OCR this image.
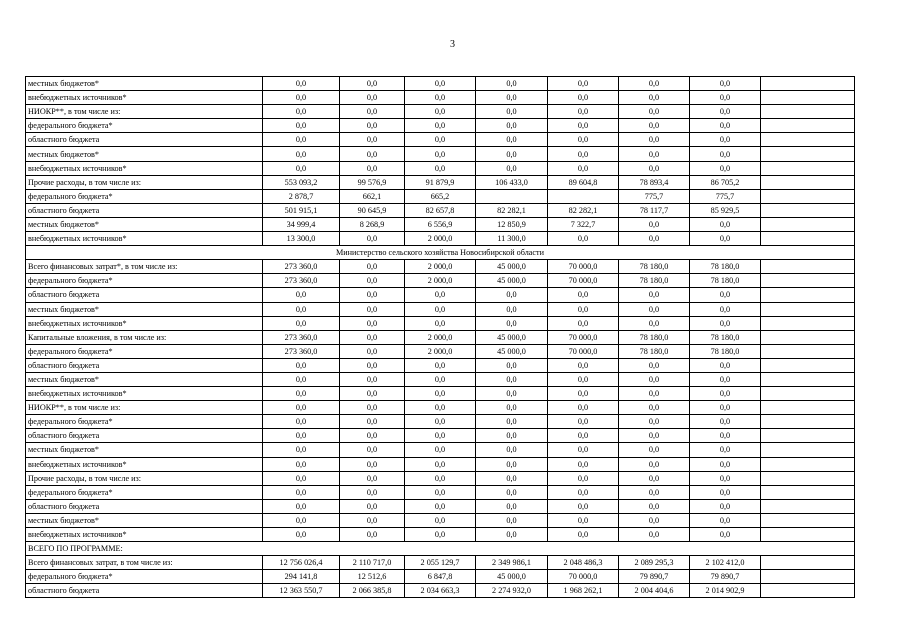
3
местных бюджетов*	0,0	0,0	0,0	0,0	0,0	0,0	0,0	
внебюджетных источников*	0,0	0,0	0,0	0,0	0,0	0,0	0,0	
НИОКР**, в том числе из:	0,0	0,0	0,0	0,0	0,0	0,0	0,0	
федерального бюджета*	0,0	0,0	0,0	0,0	0,0	0,0	0,0	
областного бюджета	0,0	0,0	0,0	0,0	0,0	0,0	0,0	
местных бюджетов*	0,0	0,0	0,0	0,0	0,0	0,0	0,0	
внебюджетных источников*	0,0	0,0	0,0	0,0	0,0	0,0	0,0	
Прочие расходы, в том числе из:	553 093,2	99 576,9	91 879,9	106 433,0	89 604,8	78 893,4	86 705,2	
федерального бюджета*	2 878,7	662,1	665,2			775,7	775,7	
областного бюджета	501 915,1	90 645,9	82 657,8	82 282,1	82 282,1	78 117,7	85 929,5	
местных бюджетов*	34 999,4	8 268,9	6 556,9	12 850,9	7 322,7	0,0	0,0	
внебюджетных источников*	13 300,0	0,0	2 000,0	11 300,0	0,0	0,0	0,0	
Министерство сельского хозяйства Новосибирской области								
Всего финансовых затрат*, в том числе из:	273 360,0	0,0	2 000,0	45 000,0	70 000,0	78 180,0	78 180,0	
федерального бюджета*	273 360,0	0,0	2 000,0	45 000,0	70 000,0	78 180,0	78 180,0	
областного бюджета	0,0	0,0	0,0	0,0	0,0	0,0	0,0	
местных бюджетов*	0,0	0,0	0,0	0,0	0,0	0,0	0,0	
внебюджетных источников*	0,0	0,0	0,0	0,0	0,0	0,0	0,0	
Капитальные вложения, в том числе из:	273 360,0	0,0	2 000,0	45 000,0	70 000,0	78 180,0	78 180,0	
федерального бюджета*	273 360,0	0,0	2 000,0	45 000,0	70 000,0	78 180,0	78 180,0	
областного бюджета	0,0	0,0	0,0	0,0	0,0	0,0	0,0	
местных бюджетов*	0,0	0,0	0,0	0,0	0,0	0,0	0,0	
внебюджетных источников*	0,0	0,0	0,0	0,0	0,0	0,0	0,0	
НИОКР**, в том числе из:	0,0	0,0	0,0	0,0	0,0	0,0	0,0	
федерального бюджета*	0,0	0,0	0,0	0,0	0,0	0,0	0,0	
областного бюджета	0,0	0,0	0,0	0,0	0,0	0,0	0,0	
местных бюджетов*	0,0	0,0	0,0	0,0	0,0	0,0	0,0	
внебюджетных источников*	0,0	0,0	0,0	0,0	0,0	0,0	0,0	
Прочие расходы, в том числе из:	0,0	0,0	0,0	0,0	0,0	0,0	0,0	
федерального бюджета*	0,0	0,0	0,0	0,0	0,0	0,0	0,0	
областного бюджета	0,0	0,0	0,0	0,0	0,0	0,0	0,0	
местных бюджетов*	0,0	0,0	0,0	0,0	0,0	0,0	0,0	
внебюджетных источников*	0,0	0,0	0,0	0,0	0,0	0,0	0,0	
ВСЕГО ПО ПРОГРАММЕ:								
Всего финансовых затрат, в том числе из:	12 756 026,4	2 110 717,0	2 055 129,7	2 349 986,1	2 048 486,3	2 089 295,3	2 102 412,0	
федерального бюджета*	294 141,8	12 512,6	6 847,8	45 000,0	70 000,0	79 890,7	79 890,7	
областного бюджета	12 363 550,7	2 066 385,8	2 034 663,3	2 274 932,0	1 968 262,1	2 004 404,6	2 014 902,9	
